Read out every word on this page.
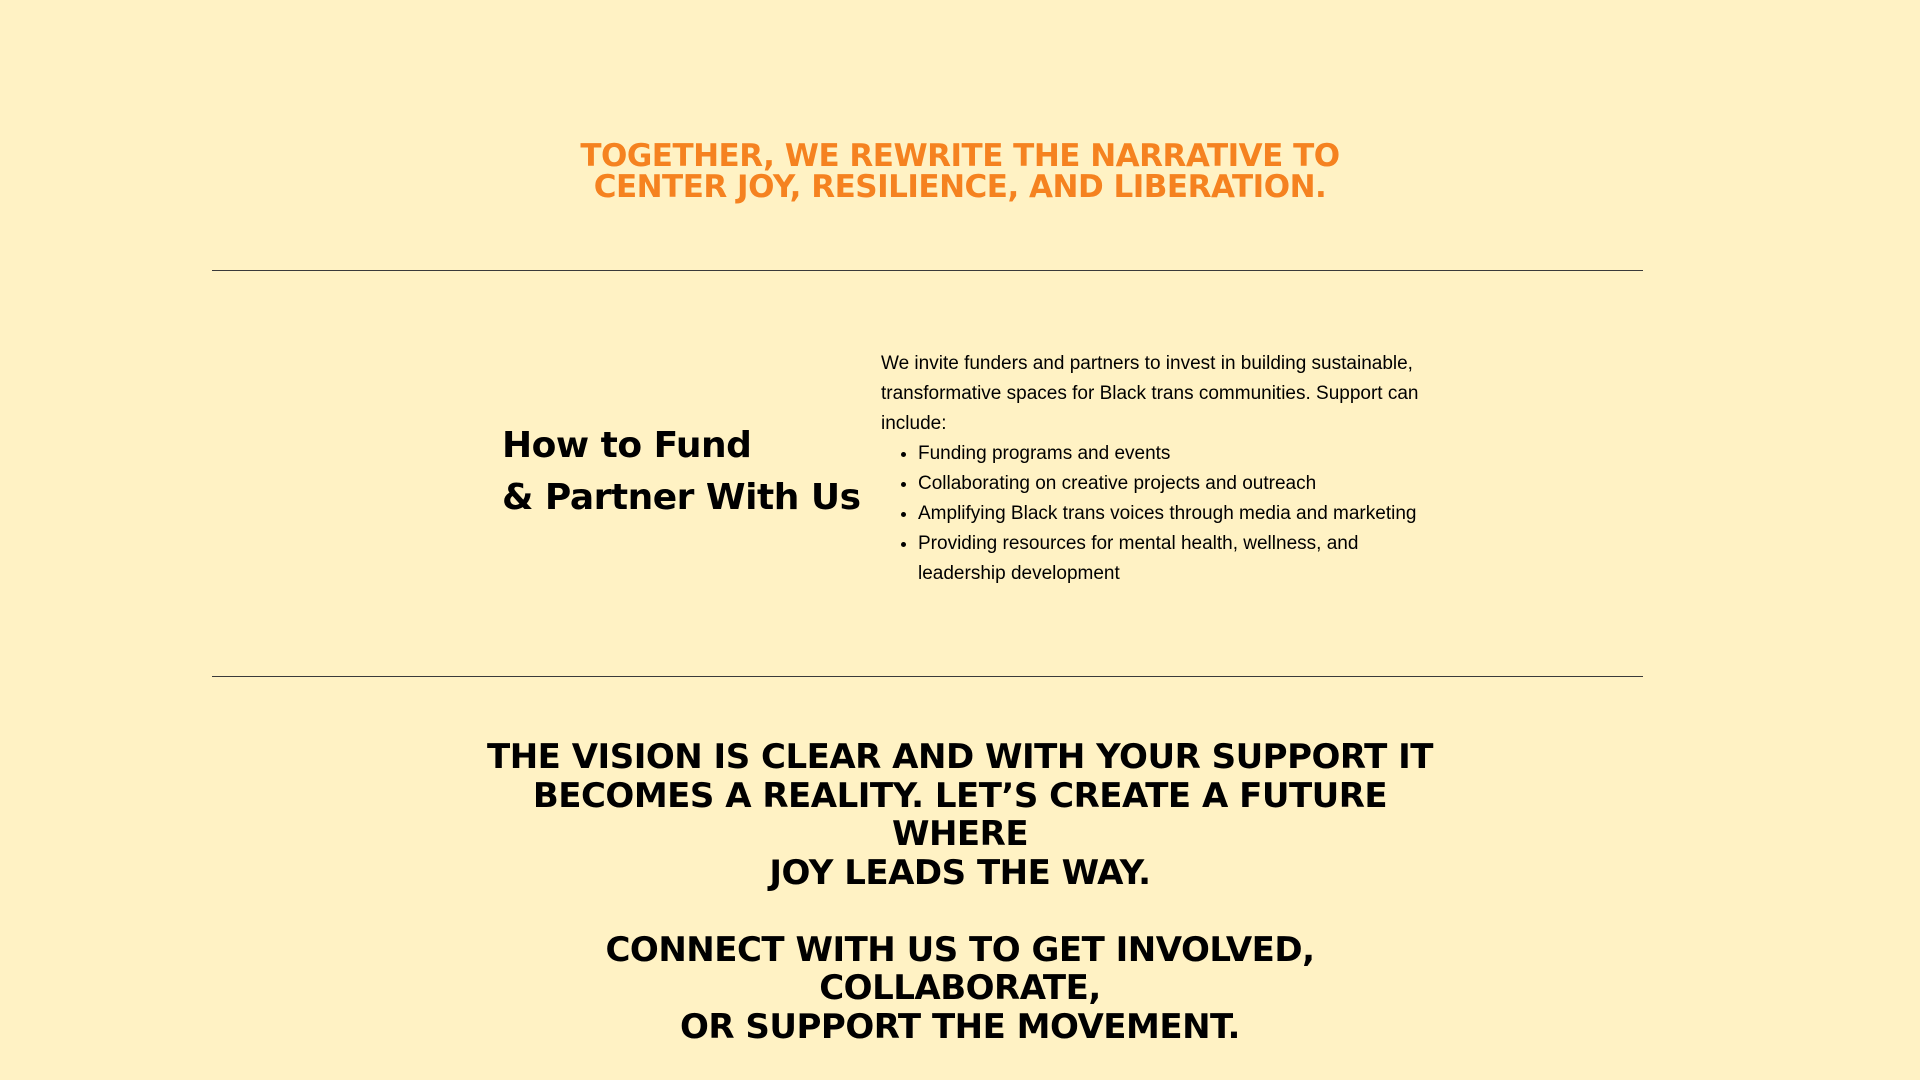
TOGETHER, WE REWRITE THE NARRATIVE TO
CENTER JOY, RESILIENCE, AND LIBERATION.
How to Fund
& Partner With Us

We invite funders and partners to invest in building sustainable, transformative spaces for Black trans communities. Support can include:

• Funding programs and events
• Collaborating on creative projects and outreach
• Amplifying Black trans voices through media and marketing
• Providing resources for mental health, wellness, and leadership development

THE VISION IS CLEAR AND WITH YOUR SUPPORT IT
BECOMES A REALITY. LET’S CREATE A FUTURE WHERE
JOY LEADS THE WAY.

CONNECT WITH US TO GET INVOLVED, COLLABORATE,
OR SUPPORT THE MOVEMENT.
